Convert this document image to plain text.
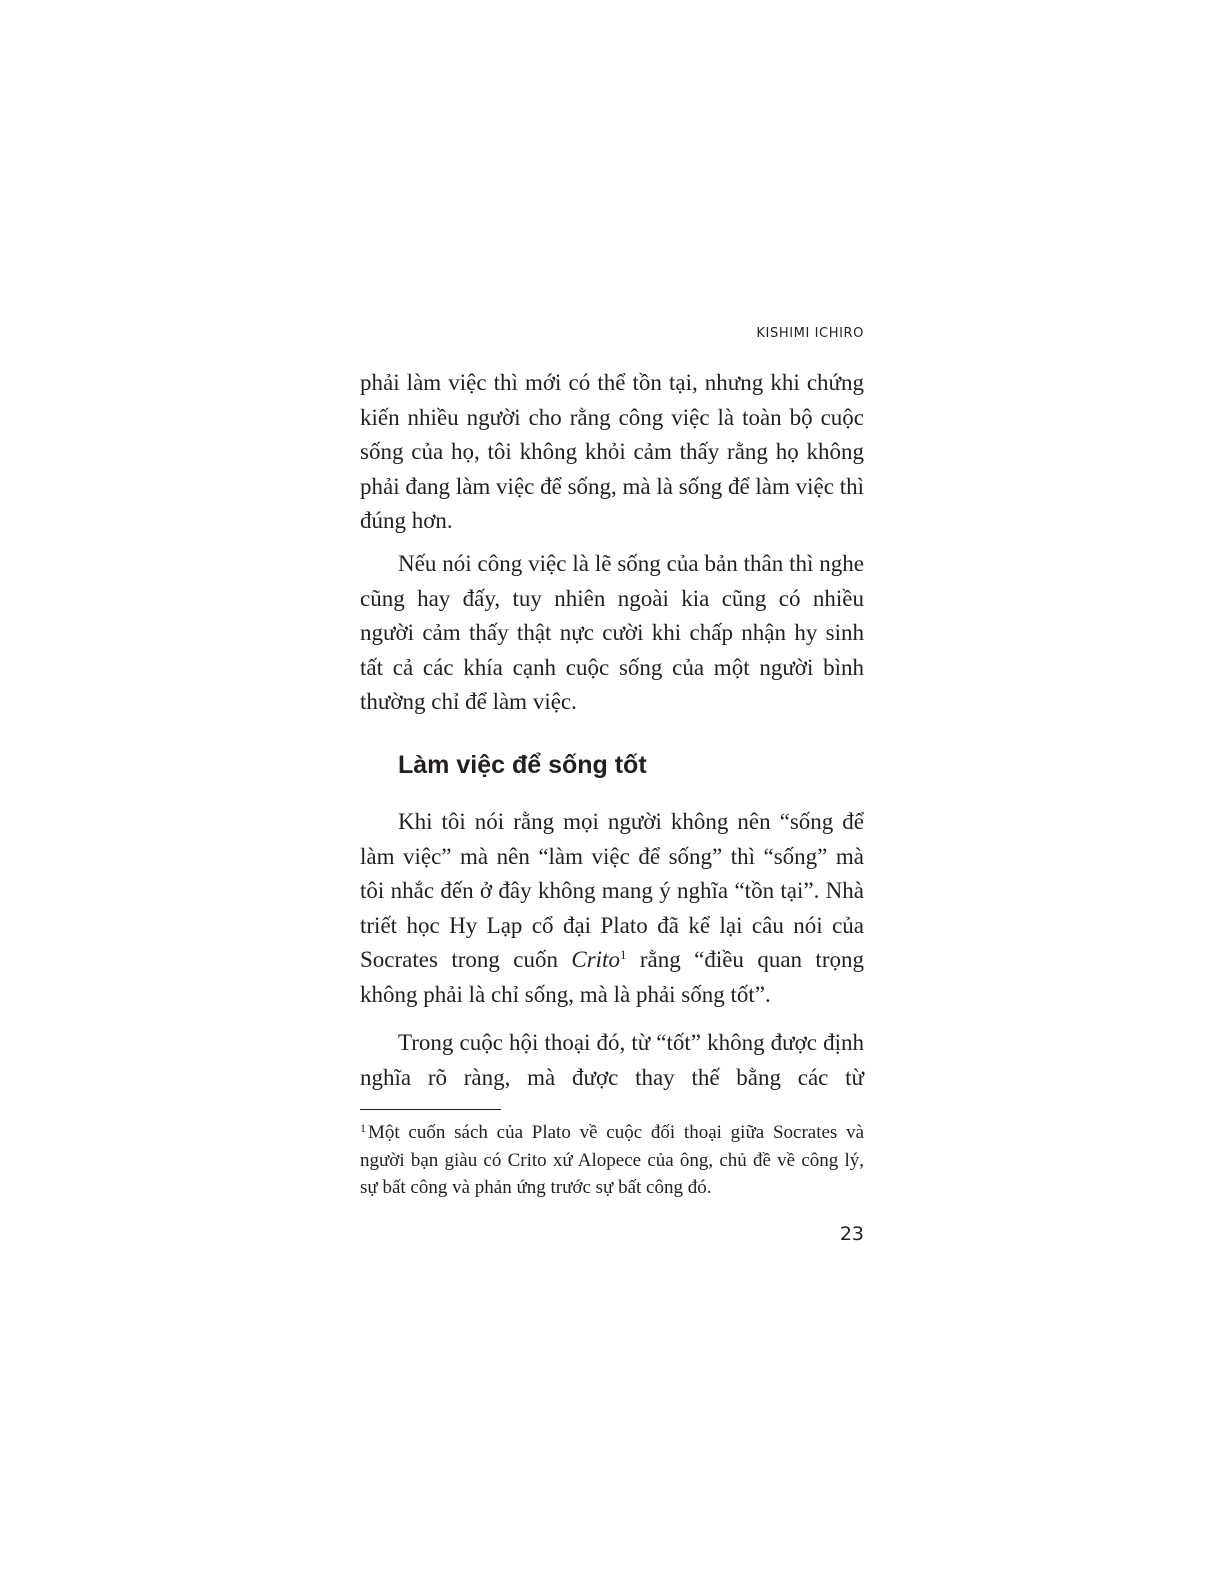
KISHIMI ICHIRO

phải làm việc thì mới có thể tồn tại, nhưng khi chứng kiến nhiều người cho rằng công việc là toàn bộ cuộc sống của họ, tôi không khỏi cảm thấy rằng họ không phải đang làm việc để sống, mà là sống để làm việc thì đúng hơn.

Nếu nói công việc là lẽ sống của bản thân thì nghe cũng hay đấy, tuy nhiên ngoài kia cũng có nhiều người cảm thấy thật nực cười khi chấp nhận hy sinh tất cả các khía cạnh cuộc sống của một người bình thường chỉ để làm việc.

Làm việc để sống tốt

Khi tôi nói rằng mọi người không nên “sống để làm việc” mà nên “làm việc để sống” thì “sống” mà tôi nhắc đến ở đây không mang ý nghĩa “tồn tại”. Nhà triết học Hy Lạp cổ đại Plato đã kể lại câu nói của Socrates trong cuốn Crito$^1$ rằng “điều quan trọng không phải là chỉ sống, mà là phải sống tốt”.

Trong cuộc hội thoại đó, từ “tốt” không được định nghĩa rõ ràng, mà được thay thế bằng các từ

$^1$ Một cuốn sách của Plato về cuộc đối thoại giữa Socrates và người bạn giàu có Crito xứ Alopece của ông, chủ đề về công lý, sự bất công và phản ứng trước sự bất công đó.

23
